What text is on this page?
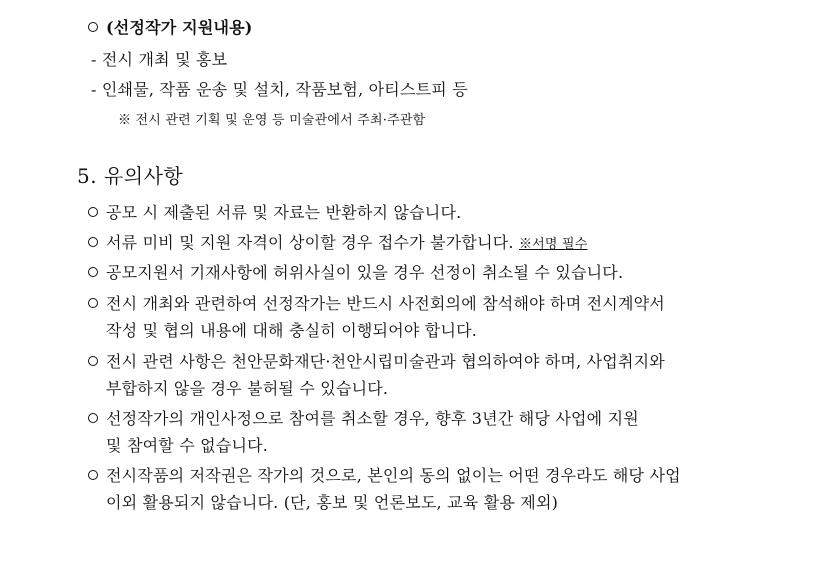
(선정작가 지원내용)
- 전시 개최 및 홍보
- 인쇄물, 작품 운송 및 설치, 작품보험, 아티스트피 등
※ 전시 관련 기획 및 운영 등 미술관에서 주최·주관함
5. 유의사항
공모 시 제출된 서류 및 자료는 반환하지 않습니다.
서류 미비 및 지원 자격이 상이할 경우 접수가 불가합니다. ※서명 필수
공모지원서 기재사항에 허위사실이 있을 경우 선정이 취소될 수 있습니다.
전시 개최와 관련하여 선정작가는 반드시 사전회의에 참석해야 하며 전시계약서
작성 및 협의 내용에 대해 충실히 이행되어야 합니다.
전시 관련 사항은 천안문화재단·천안시립미술관과 협의하여야 하며, 사업취지와
부합하지 않을 경우 불허될 수 있습니다.
선정작가의 개인사정으로 참여를 취소할 경우, 향후 3년간 해당 사업에 지원
및 참여할 수 없습니다.
전시작품의 저작권은 작가의 것으로, 본인의 동의 없이는 어떤 경우라도 해당 사업
이외 활용되지 않습니다. (단, 홍보 및 언론보도, 교육 활용 제외)
